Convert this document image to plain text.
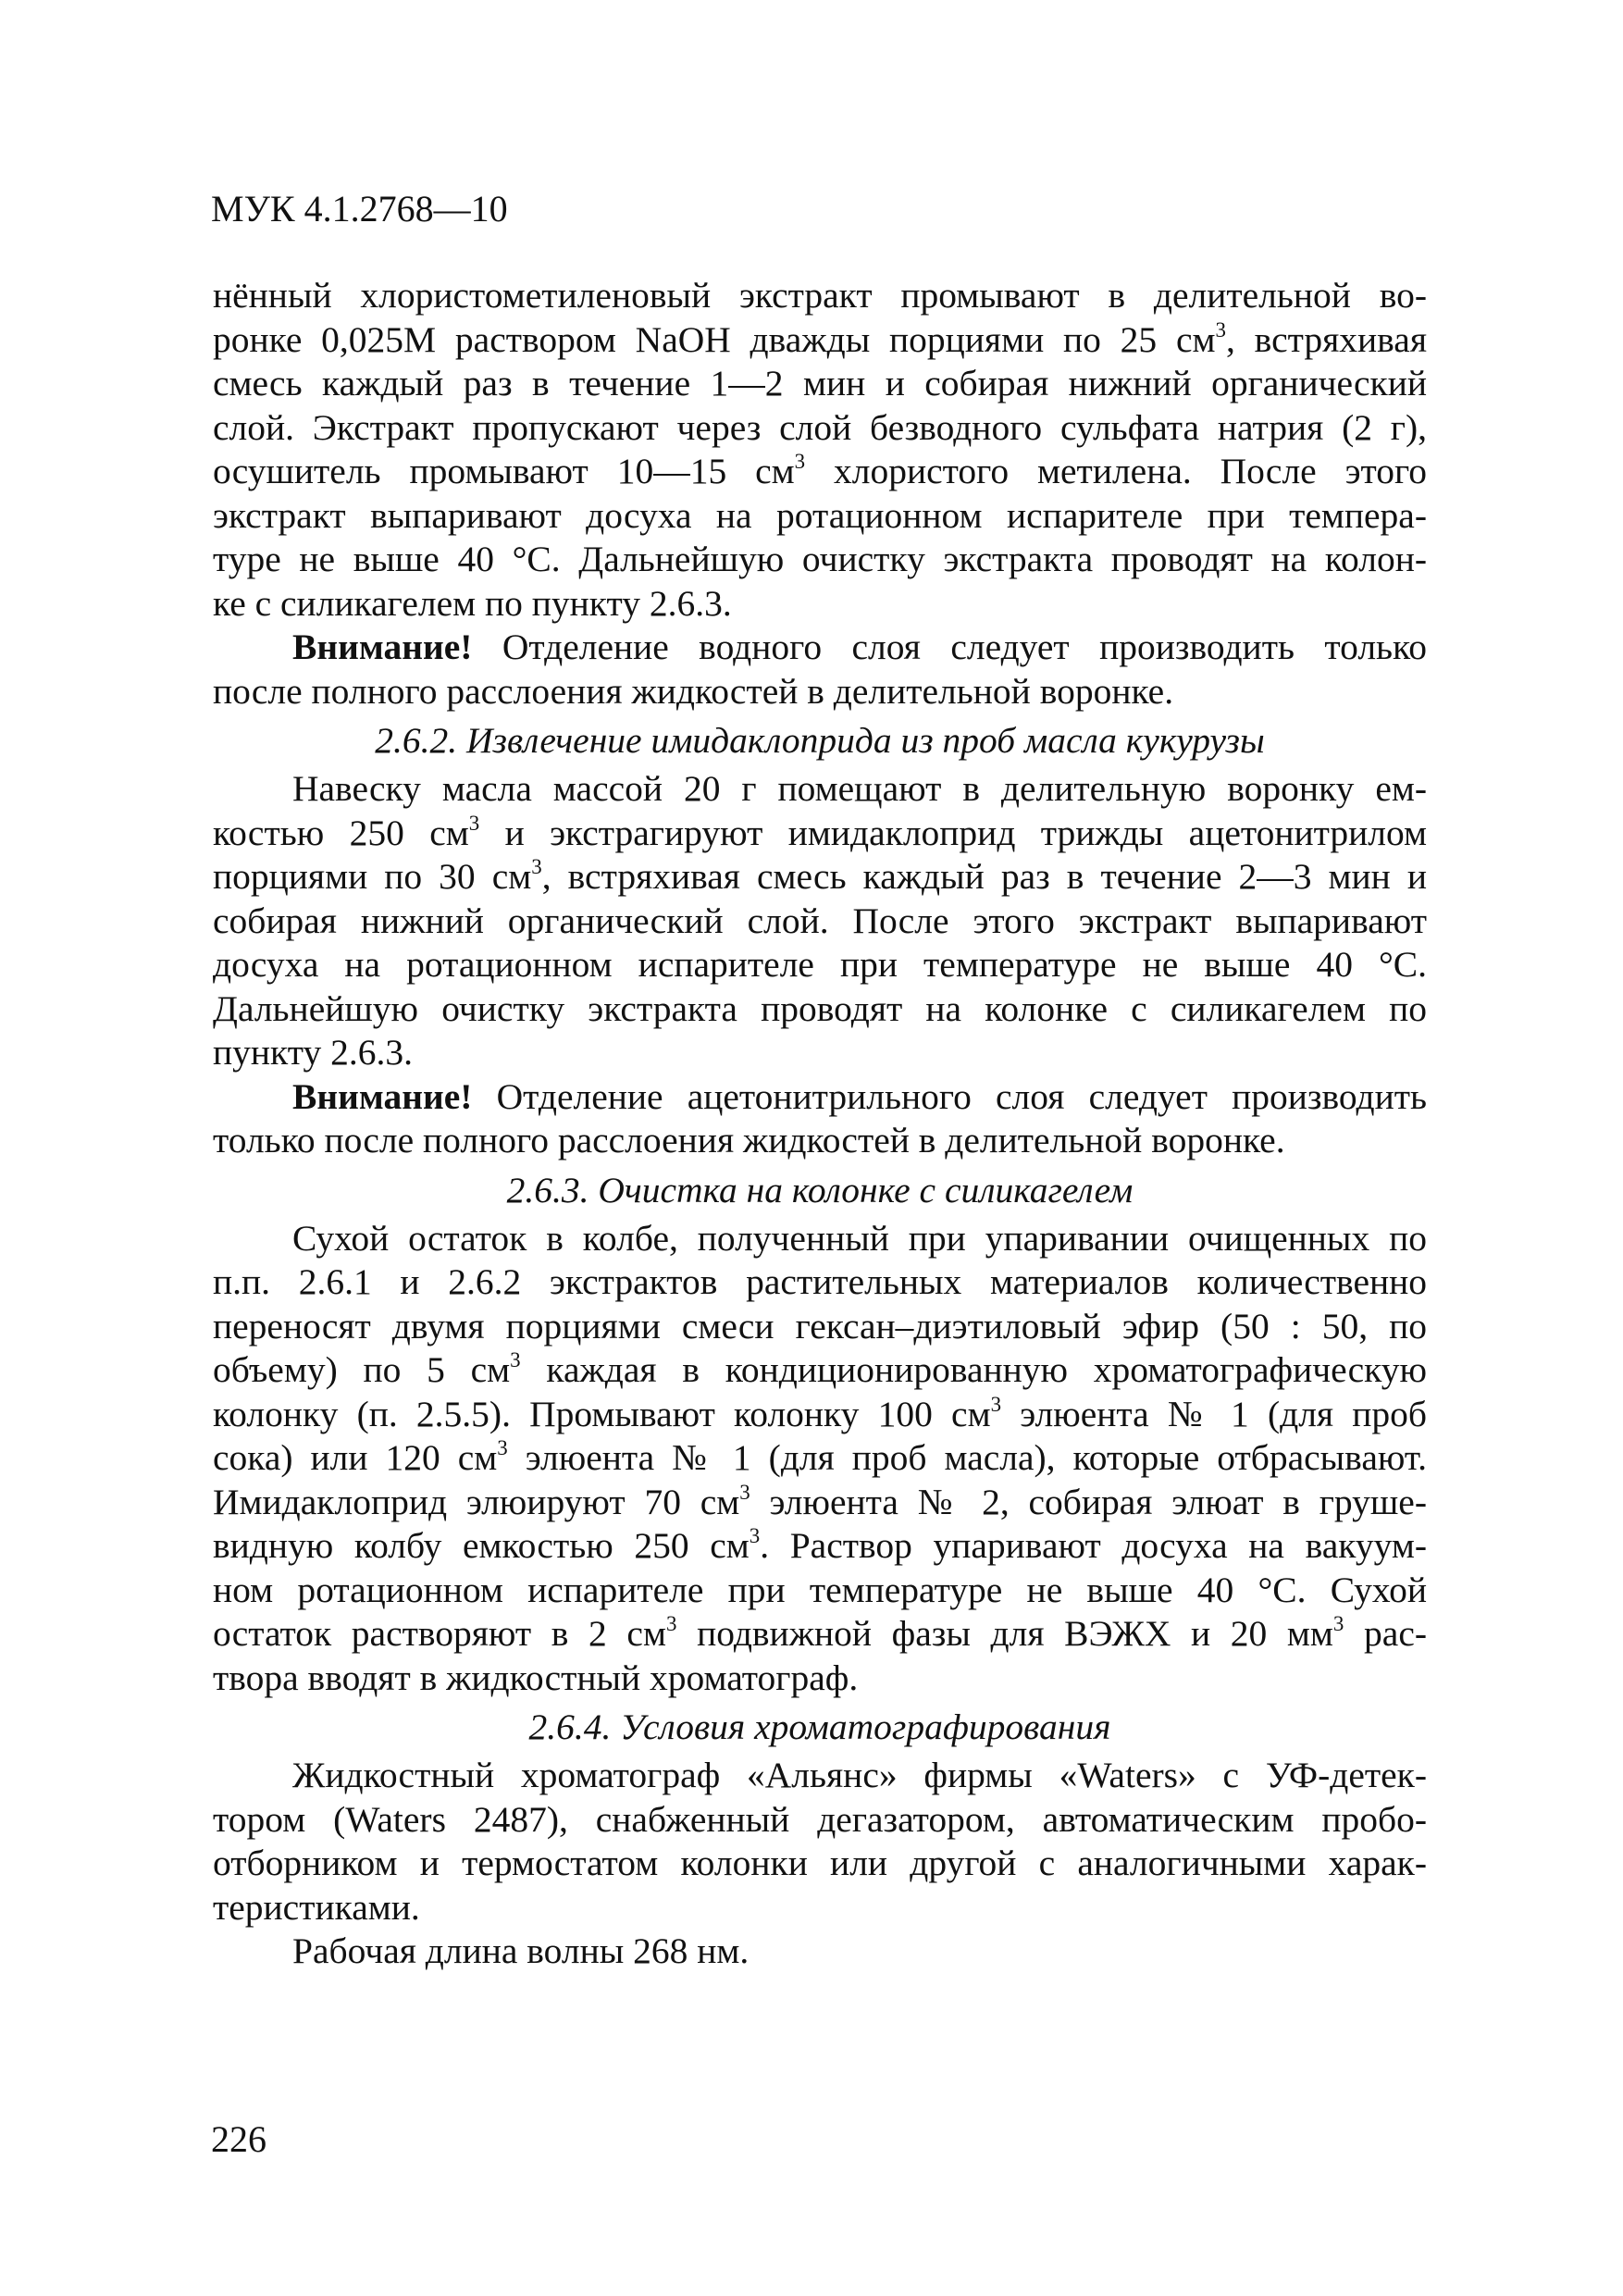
МУК 4.1.2768—10

нённый хлористометиленовый экстракт промывают в делительной во-

ронке 0,025М раствором NaOH дважды порциями по 25 $см^3$, встряхивая

смесь каждый раз в течение 1—2 мин и собирая нижний органический

слой. Экстракт пропускают через слой безводного сульфата натрия (2 г),

осушитель промывают 10—15 $см^3$ хлористого метилена. После этого

экстракт выпаривают досуха на ротационном испарителе при темпера-

туре не выше 40 °С. Дальнейшую очистку экстракта проводят на колон-

ке с силикагелем по пункту 2.6.3.

Внимание! Отделение водного слоя следует производить только

после полного расслоения жидкостей в делительной воронке.

2.6.2. Извлечение имидаклоприда из проб масла кукурузы

Навеску масла массой 20 г помещают в делительную воронку ем-

костью 250 $см^3$ и экстрагируют имидаклоприд трижды ацетонитрилом

порциями по 30 $см^3$, встряхивая смесь каждый раз в течение 2—3 мин и

собирая нижний органический слой. После этого экстракт выпаривают

досуха на ротационном испарителе при температуре не выше 40 °С.

Дальнейшую очистку экстракта проводят на колонке с силикагелем по

пункту 2.6.3.

Внимание! Отделение ацетонитрильного слоя следует производить

только после полного расслоения жидкостей в делительной воронке.

2.6.3. Очистка на колонке с силикагелем

Сухой остаток в колбе, полученный при упаривании очищенных по

п.п. 2.6.1 и 2.6.2 экстрактов растительных материалов количественно

переносят двумя порциями смеси гексан–диэтиловый эфир (50 : 50, по

объему) по 5 $см^3$ каждая в кондиционированную хроматографическую

колонку (п. 2.5.5). Промывают колонку 100 $см^3$ элюента № 1 (для проб

сока) или 120 $см^3$ элюента № 1 (для проб масла), которые отбрасывают.

Имидаклоприд элюируют 70 $см^3$ элюента № 2, собирая элюат в груше-

видную колбу емкостью 250 $см^3$. Раствор упаривают досуха на вакуум-

ном ротационном испарителе при температуре не выше 40 °С. Сухой

остаток растворяют в 2 $см^3$ подвижной фазы для ВЭЖХ и 20 $мм^3$ рас-

твора вводят в жидкостный хроматограф.

2.6.4. Условия хроматографирования

Жидкостный хроматограф «Альянс» фирмы «Waters» с УФ-детек-

тором (Waters 2487), снабженный дегазатором, автоматическим пробо-

отборником и термостатом колонки или другой с аналогичными харак-

теристиками.

Рабочая длина волны 268 нм.

226
